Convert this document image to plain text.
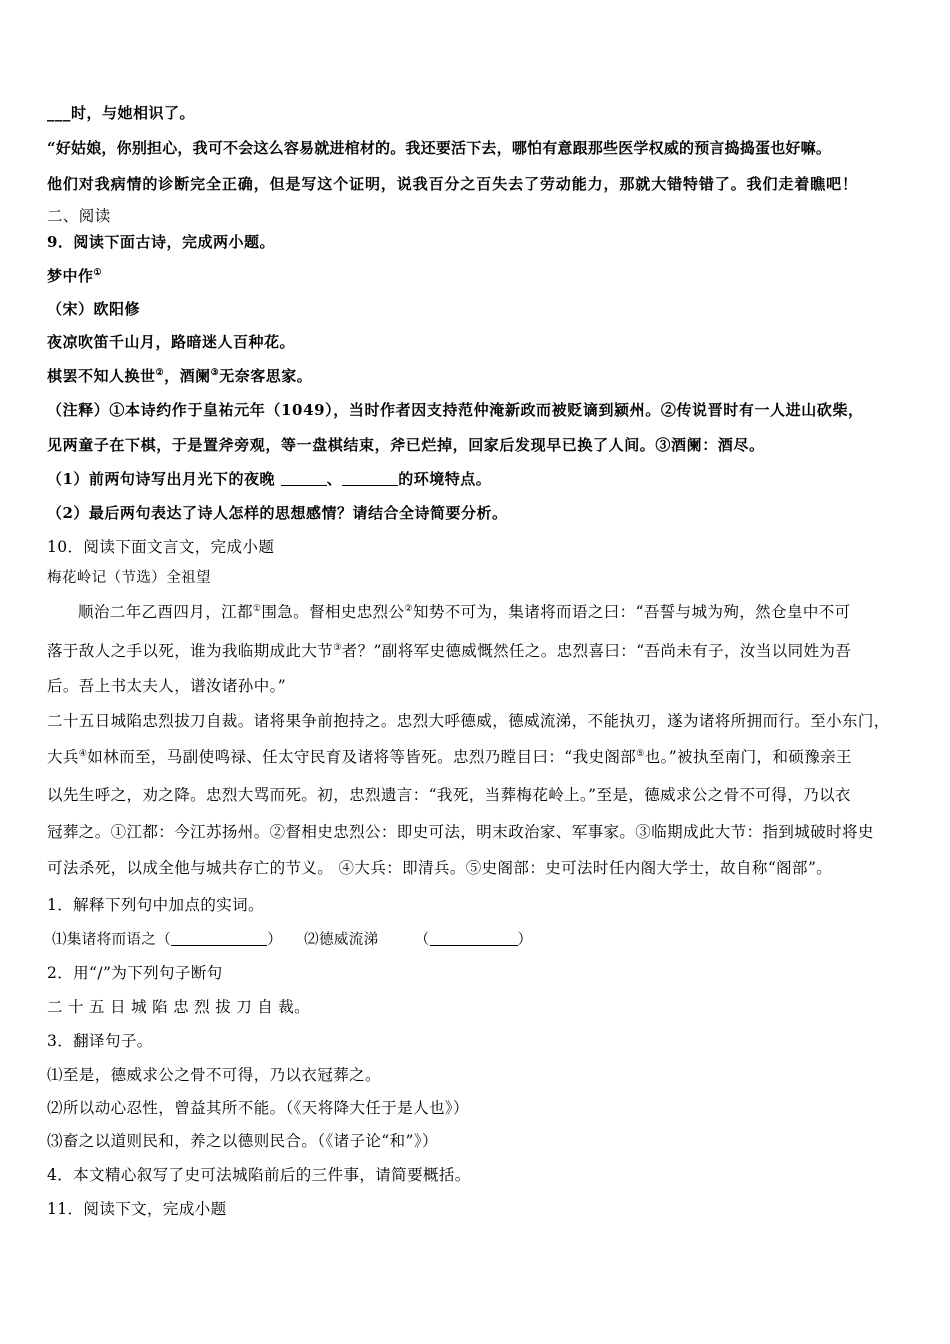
___时，与她相识了。
“好姑娘，你别担心，我可不会这么容易就进棺材的。我还要活下去，哪怕有意跟那些医学权威的预言捣捣蛋也好嘛。
他们对我病情的诊断完全正确，但是写这个证明，说我百分之百失去了劳动能力，那就大错特错了。我们走着瞧吧！
二、阅读
9．阅读下面古诗，完成两小题。
梦中作①
（宋）欧阳修
夜凉吹笛千山月，路暗迷人百种花。
棋罢不知人换世②，酒阑③无奈客思家。
（注释）①本诗约作于皇祐元年（1049），当时作者因支持范仲淹新政而被贬谪到颍州。②传说晋时有一人进山砍柴，
见两童子在下棋，于是置斧旁观，等一盘棋结束，斧已烂掉，回家后发现早已换了人间。③酒阑：酒尽。
（1）前两句诗写出月光下的夜晚	、	的环境特点。
（2）最后两句表达了诗人怎样的思想感情？请结合全诗简要分析。
10．阅读下面文言文，完成小题
梅花岭记（节选）全祖望
顺治二年乙酉四月，江都①围急。督相史忠烈公②知势不可为，集诸将而语之曰：“吾誓与城为殉，然仓皇中不可
落于敌人之手以死，谁为我临期成此大节③者？”副将军史德威慨然任之。忠烈喜曰：“吾尚未有子，汝当以同姓为吾
后。吾上书太夫人，谱汝诸孙中。”
二十五日城陷忠烈拔刀自裁。诸将果争前抱持之。忠烈大呼德威，德威流涕，不能执刃，遂为诸将所拥而行。至小东门，
大兵④如林而至，马副使鸣禄、任太守民育及诸将等皆死。忠烈乃瞠目曰：“我史阁部⑤也。”被执至南门，和硕豫亲王
以先生呼之，劝之降。忠烈大骂而死。初，忠烈遗言：“我死，当葬梅花岭上。”至是，德威求公之骨不可得，乃以衣
冠葬之。①江都：今江苏扬州。②督相史忠烈公：即史可法，明末政治家、军事家。③临期成此大节：指到城破时将史
可法杀死，以成全他与城共存亡的节义。 ④大兵：即清兵。⑤史阁部：史可法时任内阁大学士，故自称“阁部”。
1．解释下列句中加点的实词。
⑴集诸将而语之（	） ⑵德威流涕 （	）
2．用“/”为下列句子断句
二 十 五 日 城 陷 忠 烈 拔 刀 自 裁。
3．翻译句子。
⑴至是，德威求公之骨不可得，乃以衣冠葬之。
⑵所以动心忍性，曾益其所不能。（《天将降大任于是人也》）
⑶畜之以道则民和，养之以德则民合。（《诸子论“和”》）
4．本文精心叙写了史可法城陷前后的三件事，请简要概括。
11．阅读下文，完成小题
